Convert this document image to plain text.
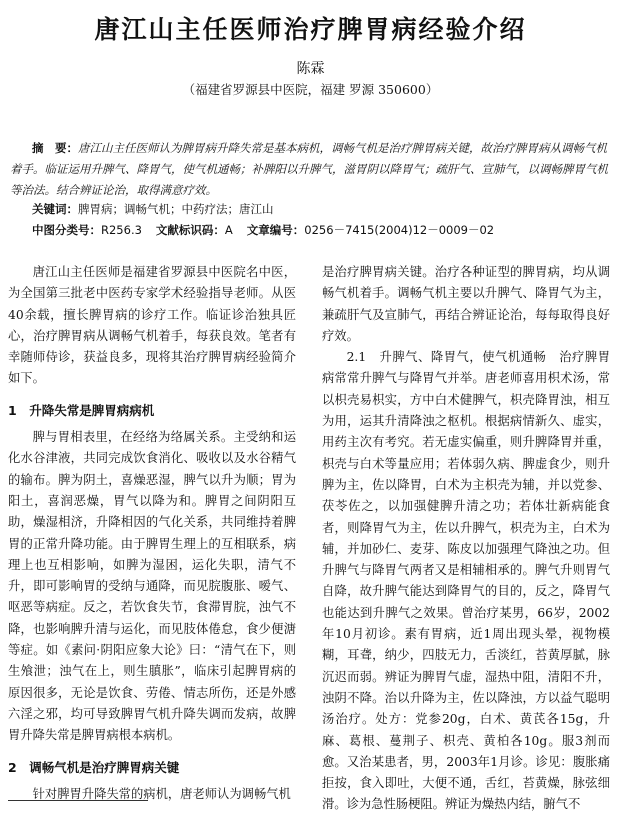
唐江山主任医师治疗脾胃病经验介绍
陈霖
（福建省罗源县中医院，福建 罗源 350600）
摘　要：唐江山主任医师认为脾胃病升降失常是基本病机，调畅气机是治疗脾胃病关键，故治疗脾胃病从调畅气机着手。临证运用升脾气、降胃气，使气机通畅；补脾阳以升脾气，滋胃阴以降胃气；疏肝气、宣肺气，以调畅脾胃气机等治法。结合辨证论治，取得满意疗效。
关键词：脾胃病；调畅气机；中药疗法；唐江山
中图分类号：R256.3 文献标识码：A 文章编号：0256－7415(2004)12－0009－02

唐江山主任医师是福建省罗源县中医院名中医，为全国第三批老中医药专家学术经验指导老师。从医40余载，擅长脾胃病的诊疗工作。临证诊治独具匠心，治疗脾胃病从调畅气机着手，每获良效。笔者有幸随师侍诊，获益良多，现将其治疗脾胃病经验简介如下。

1　升降失常是脾胃病病机

脾与胃相表里，在经络为络属关系。主受纳和运化水谷津液，共同完成饮食消化、吸收以及水谷精气的输布。脾为阴土，喜燥恶湿，脾气以升为顺；胃为阳土，喜润恶燥，胃气以降为和。脾胃之间阴阳互助，燥湿相济，升降相因的气化关系，共同维持着脾胃的正常升降功能。由于脾胃生理上的互相联系，病理上也互相影响，如脾为湿困，运化失职，清气不升，即可影响胃的受纳与通降，而见脘腹胀、嗳气、呕恶等病症。反之，若饮食失节，食滞胃脘，浊气不降，也影响脾升清与运化，而见肢体倦怠，食少便溏等症。如《素问·阴阳应象大论》曰：“清气在下，则生飧泄；浊气在上，则生䐜胀”，临床引起脾胃病的原因很多，无论是饮食、劳倦、情志所伤，还是外感六淫之邪，均可导致脾胃气机升降失调而发病，故脾胃升降失常是脾胃病根本病机。

2　调畅气机是治疗脾胃病关键

针对脾胃升降失常的病机，唐老师认为调畅气机

是治疗脾胃病关键。治疗各种证型的脾胃病，均从调畅气机着手。调畅气机主要以升脾气、降胃气为主，兼疏肝气及宣肺气，再结合辨证论治，每每取得良好疗效。

2.1　升脾气、降胃气，使气机通畅　治疗脾胃病常常升脾气与降胃气并举。唐老师喜用枳术汤，常以枳壳易枳实，方中白术健脾气，枳壳降胃浊，相互为用，运其升清降浊之枢机。根据病情新久、虚实，用药主次有考究。若无虚实偏重，则升脾降胃并重，枳壳与白术等量应用；若体弱久病、脾虚食少，则升脾为主，佐以降胃，白术为主枳壳为辅，并以党参、茯苓佐之，以加强健脾升清之功；若体壮新病能食者，则降胃气为主，佐以升脾气，枳壳为主，白术为辅，并加砂仁、麦芽、陈皮以加强理气降浊之功。但升脾气与降胃气两者又是相辅相承的。脾气升则胃气自降，故升脾气能达到降胃气的目的，反之，降胃气也能达到升脾气之效果。曾治疗某男，66岁，2002年10月初诊。素有胃病，近1周出现头晕，视物模糊，耳聋，纳少，四肢无力，舌淡红，苔黄厚腻，脉沉迟而弱。辨证为脾胃气虚，湿热中阻，清阳不升，浊阴不降。治以升降为主，佐以降浊，方以益气聪明汤治疗。处方：党参20g，白术、黄芪各15g，升麻、葛根、蔓荆子、枳壳、黄柏各10g。服3剂而愈。又治某患者，男，2003年1月诊。诊见：腹胀痛拒按，食入即吐，大便不通，舌红，苔黄燥，脉弦细滑。诊为急性肠梗阻。辨证为燥热内结，腑气不
